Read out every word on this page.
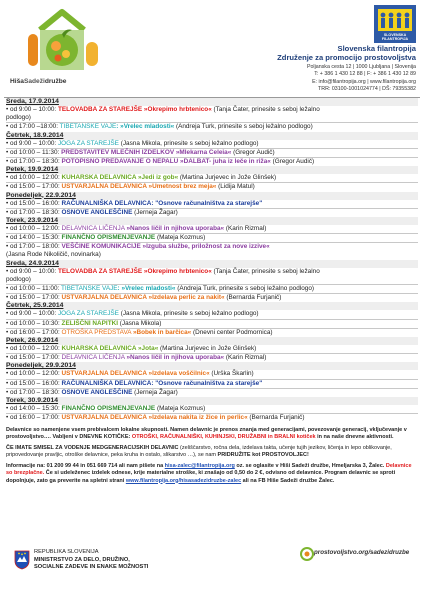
HišaSadežidružbe
SLOVENSKA FILANTROPIJA
Slovenska filantropija
Združenje za promocijo prostovoljstva
Poljanska cesta 12 | 1000 Ljubljana | Slovenija
T: + 386 1 430 12 88 | F: + 386 1 430 12 89
E: info@filantropija.org | www.filantropija.org
TRR: 03100-1001024774 | DŠ: 79355382
Sreda, 17.9.2014
• od 9:00 – 10:00: TELOVADBA ZA STAREJŠE »Okrepimo hrbtenico« (Tanja Čater, prinesite s seboj ležalno
podlogo)
• od 17:00 –18:00: TIBETANSKE VAJE: »Vrelec mladosti« (Andreja Turk, prinesite s seboj ležalno podlogo)
Četrtek, 18.9.2014
• od 9:00 – 10:00: JOGA ZA STAREJŠE (Jasna Mikola, prinesite s seboj ležalno podlogo)
• od 10:00 – 11:30: PREDSTAVITEV MLEČNIH IZDELKOV »Mlekarna Celeia« (Gregor Audič)
• od 17:00 – 18:30: POTOPISNO PREDAVANJE O NEPALU »DALBAT- juha iz leče in riža« (Gregor Audič)
Petek, 19.9.2014
• od 10:00 – 12:00: KUHARSKA DELAVNICA »Jedi iz gob« (Martina Jurjevec in Jože Glinšek)
• od 15:00 – 17:00: USTVARJALNA DELAVNICA »Umetnost brez meja« (Lidija Matul)
Ponedeljek, 22.9.2014
• od 15:00 – 16:00: RAČUNALNIŠKA DELAVNICA: "Osnove računalništva za starejše"
• od 17:00 – 18:30: OSNOVE ANGLEŠČINE (Jerneja Žagar)
Torek, 23.9.2014
• od 10:00 – 12:00: DELAVNICA LIČENJA »Nanos ličil in njihova uporaba« (Karin Rizmal)
• od 14:00 – 15:30: FINANČNO OPISMENJEVANJE (Mateja Kozmus)
• od 17:00 – 18:00: VEŠČINE KOMUNIKACIJE »Izguba službe, priložnost za nove izzive«
(Jasna Rode Nikoličič, novinarka)
Sreda, 24.9.2014
• od 9:00 – 10:00: TELOVADBA ZA STAREJŠE »Okrepimo hrbtenico« (Tanja Čater, prinesite s seboj ležalno
podlogo)
• od 10:00 – 11:00: TIBETANSKE VAJE: »Vrelec mladosti« (Andreja Turk, prinesite s seboj ležalno podlogo)
• od 15:00 – 17:00: USTVARJALNA DELAVNICA »Izdelava perlic za nakit« (Bernarda Furjanič)
Četrtek, 25.9.2014
• od 9:00 – 10:00: JOGA ZA STAREJŠE (Jasna Mikola, prinesite s seboj ležalno podlogo)
• od 10:00 – 10:30: ZELIŠČNI NAPITKI (Jasna Mikola)
• od 16:00 – 17:00: OTROŠKA PREDSTAVA »Bobek in barčica« (Dnevni center Podmornica)
Petek, 26.9.2014
• od 10:00 – 12:00: KUHARSKA DELAVNICA »Jota« (Martina Jurjevec in Jože Glinšek)
• od 15:00 – 17:00: DELAVNICA LIČENJA »Nanos ličil in njihova uporaba« (Karin Rizmal)
Ponedeljek, 29.9.2014
• od 10:00 – 12:00: USTVARJALNA DELAVNICA »Izdelava voščilnic« (Urška Škarlin)
• od 15:00 – 16:00: RAČUNALNIŠKA DELAVNICA: "Osnove računalništva za starejše"
• od 17:00 – 18:30: OSNOVE ANGLEŠČINE (Jerneja Žagar)
Torek, 30.9.2014
• od 14:00 – 15:30: FINANČNO OPISMENJEVANJE (Mateja Kozmus)
• od 16:00 – 17:00: USTVARJALNA DELAVNICA »Izdelava nakita iz žice in perlic« (Bernarda Furjanič)

Delavnice so namenjene vsem prebivalcem lokalne skupnosti. Namen delavnic je prenos znanja med generacijami, povezovanje generacij, vključevanje v prostovoljstvo…. Vabljeni v DNEVNE KOTIČKE: OTROŠKI, RAČUNALNIŠKI, KUHINJSKI, DRUŽABNI in BRALNI kotiček in na naše dnevne aktivnosti.

ČE IMATE SMISEL ZA VODENJE MEDGENERACIJSKIH DELAVNIC (zeliščarstvo, ročna dela, izdelava takta, učenje tujih jezikov, ličenja in lepo oblikovanje, pripovedovanje pravljic, otroške delavnice, peka kruha in ostalo, slikarstvo …), se nam PRIDRUŽITE kot PROSTOVOLJEC!

Informacije na: 01 200 99 44 in 051 669 714 ali nam pišete na hisa-zalec@filantropija.org oz. se oglasite v Hiši Sadeži družbe, Hmeljarska 3, Žalec. Delavnice so brezplačne. Če si udeleženec izdelek odnese, krije materialne stroške, ki znašajo od 0,50 do 2 €, odvisno od delavnice. Program delavnic se sproti dopolnjuje, zato ga preverite na spletni strani www.filantropija.org/hisasadezidruzbe-zalec ali na FB Hiše Sadeži družbe Žalec.

REPUBLIKA SLOVENIJA
MINISTRSTVO ZA DELO, DRUŽINO,
SOCIALNE ZADEVE IN ENAKE MOŽNOSTI
prostovoljstvo.org/sadezidruzbe
